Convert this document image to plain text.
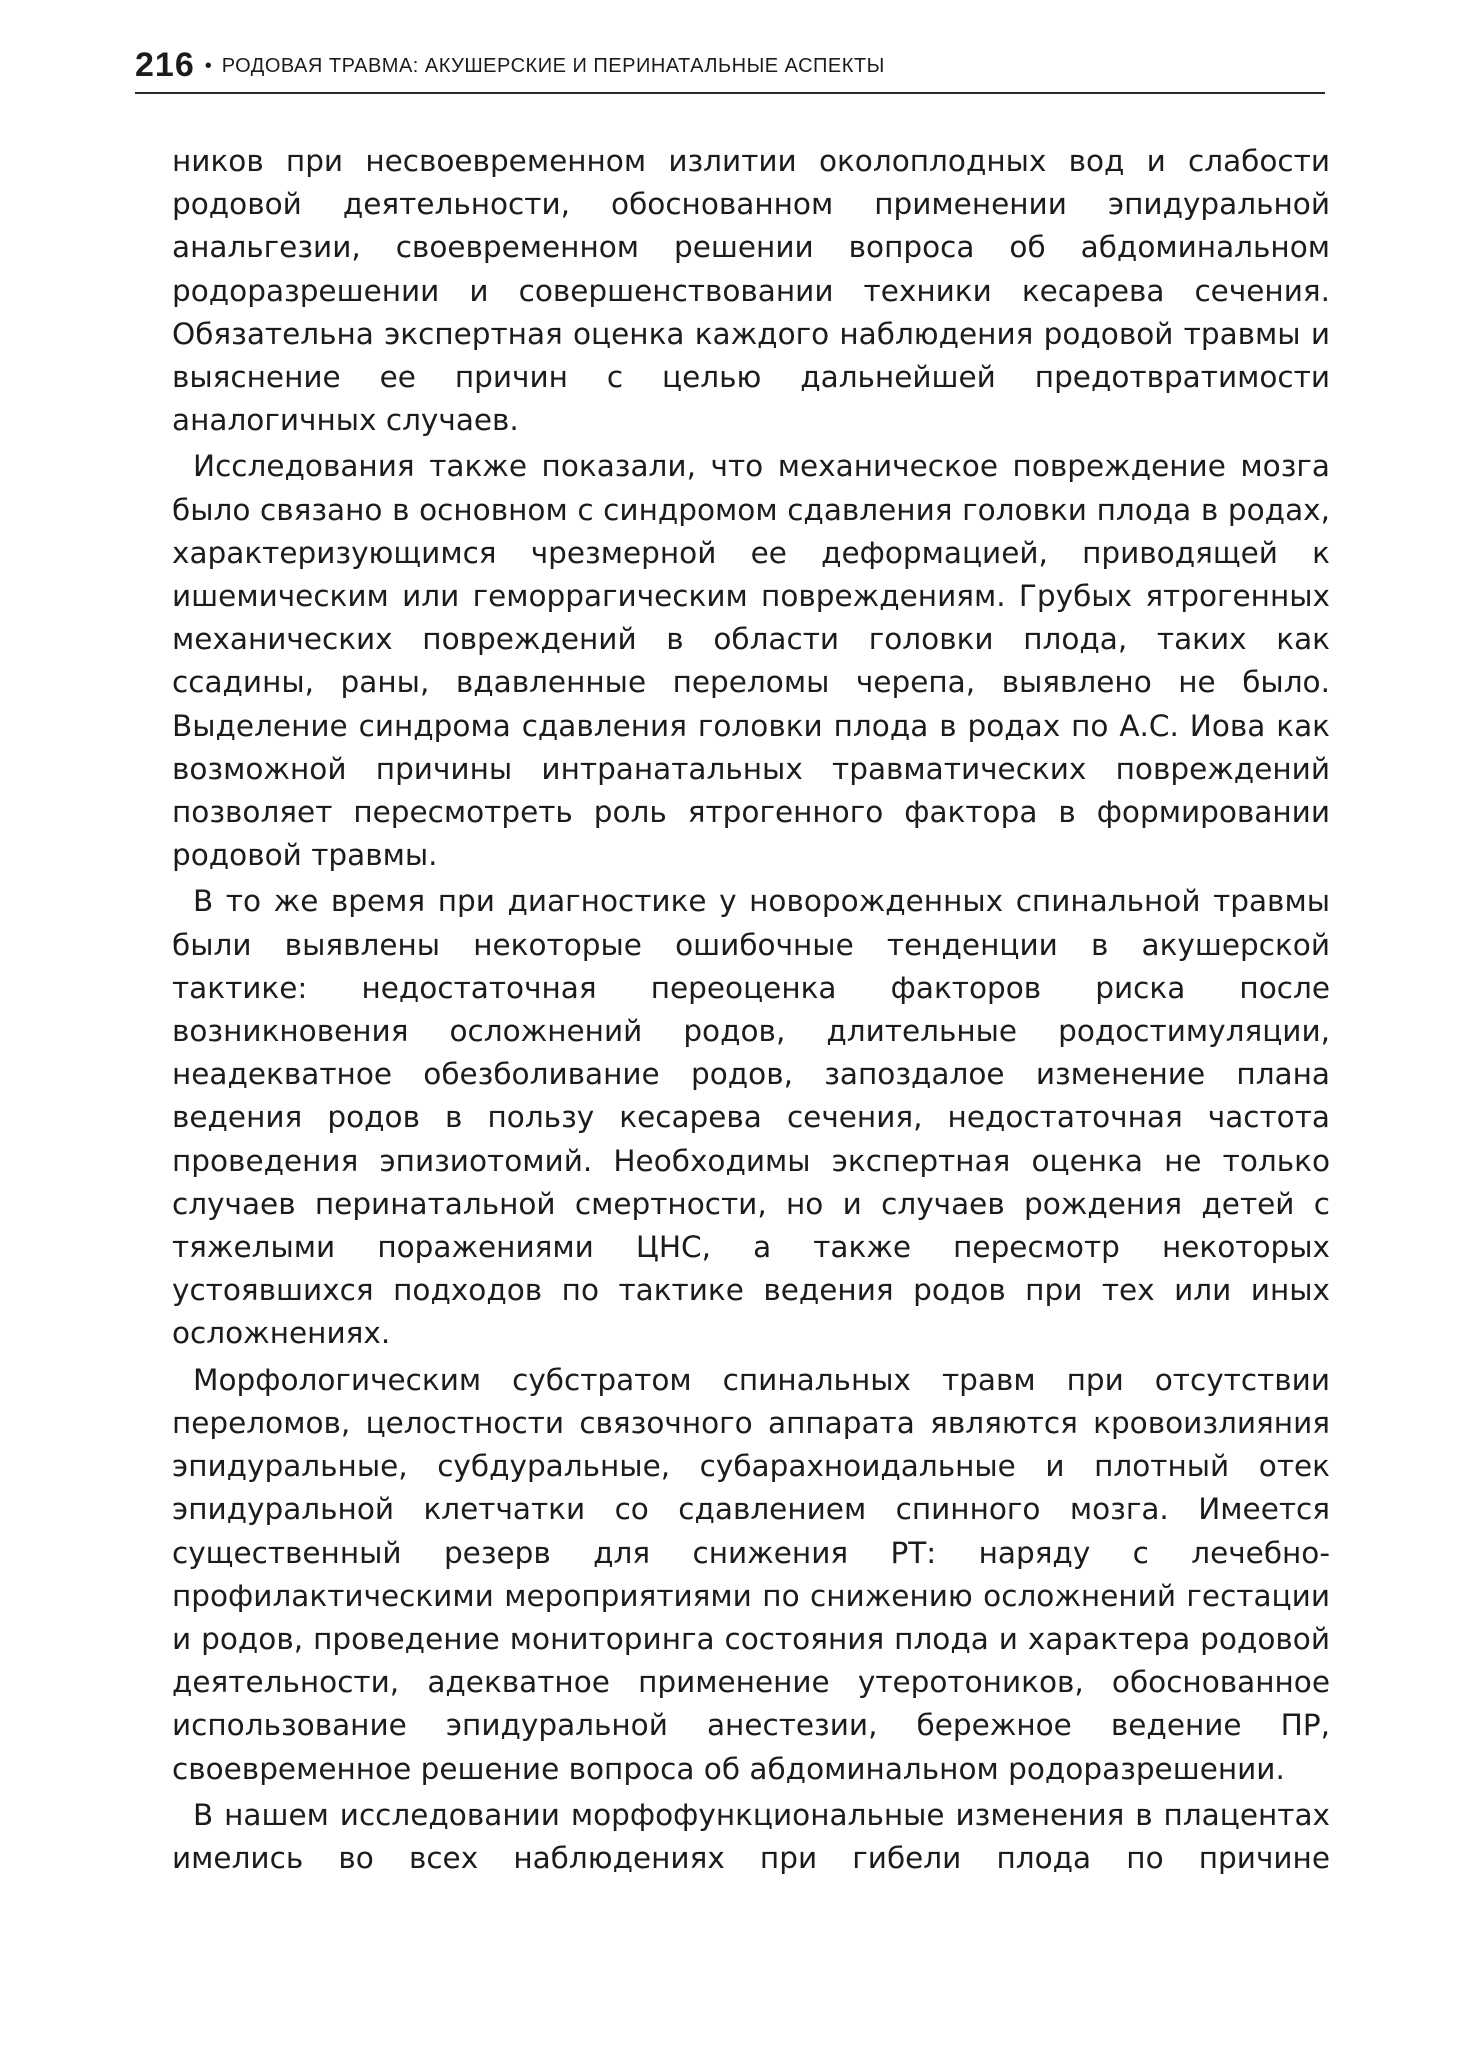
216 • РОДОВАЯ ТРАВМА: АКУШЕРСКИЕ И ПЕРИНАТАЛЬНЫЕ АСПЕКТЫ

ников при несвоевременном излитии околоплодных вод и слабости родовой деятельности, обоснованном применении эпидуральной анальгезии, своевременном решении вопроса об абдоминальном родоразрешении и совершенствовании техники кесарева сечения. Обязательна экспертная оценка каждого наблюдения родовой травмы и выяснение ее причин с целью дальнейшей предотвратимости аналогичных случаев.

Исследования также показали, что механическое повреждение мозга было связано в основном с синдромом сдавления головки плода в родах, характеризующимся чрезмерной ее деформацией, приводящей к ишемическим или геморрагическим повреждениям. Грубых ятрогенных механических повреждений в области головки плода, таких как ссадины, раны, вдавленные переломы черепа, выявлено не было. Выделение синдрома сдавления головки плода в родах по А.С. Иова как возможной причины интранатальных травматических повреждений позволяет пересмотреть роль ятрогенного фактора в формировании родовой травмы.

В то же время при диагностике у новорожденных спинальной травмы были выявлены некоторые ошибочные тенденции в акушерской тактике: недостаточная переоценка факторов риска после возникновения осложнений родов, длительные родостимуляции, неадекватное обезболивание родов, запоздалое изменение плана ведения родов в пользу кесарева сечения, недостаточная частота проведения эпизиотомий. Необходимы экспертная оценка не только случаев перинатальной смертности, но и случаев рождения детей с тяжелыми поражениями ЦНС, а также пересмотр некоторых устоявшихся подходов по тактике ведения родов при тех или иных осложнениях.

Морфологическим субстратом спинальных травм при отсутствии переломов, целостности связочного аппарата являются кровоизлияния эпидуральные, субдуральные, субарахноидальные и плотный отек эпидуральной клетчатки со сдавлением спинного мозга. Имеется существенный резерв для снижения РТ: наряду с лечебно-профилактическими мероприятиями по снижению осложнений гестации и родов, проведение мониторинга состояния плода и характера родовой деятельности, адекватное применение утеротоников, обоснованное использование эпидуральной анестезии, бережное ведение ПР, своевременное решение вопроса об абдоминальном родоразрешении.

В нашем исследовании морфофункциональные изменения в плацентах имелись во всех наблюдениях при гибели плода по причине
